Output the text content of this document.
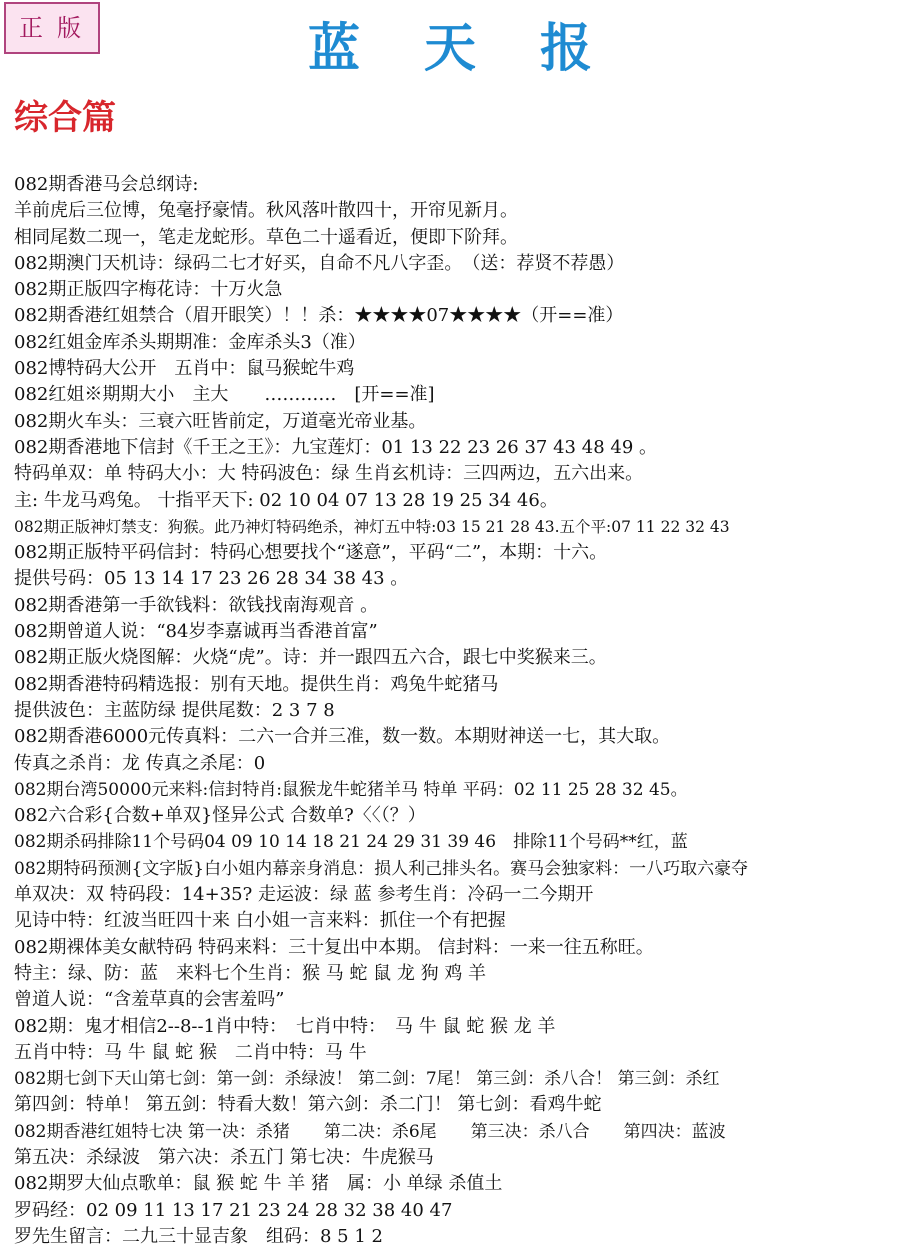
正版	蓝天报
综合篇
082期香港马会总纲诗:
羊前虎后三位博，兔毫抒豪情。秋风落叶散四十，开帘见新月。
相同尾数二现一，笔走龙蛇形。草色二十遥看近，便即下阶拜。
082期澳门天机诗：绿码二七才好买，自命不凡八字歪。　（送：荐贤不荐愚）
082期正版四字梅花诗：十万火急
082期香港红姐禁合（眉开眼笑）！！杀：★★★★07★★★★（开==准）
082红姐金库杀头期期准：金库杀头3（准）
082博特码大公开　五肖中：鼠马猴蛇牛鸡
082红姐※期期大小　主大　　…………　[开==准]
082期火车头：三衰六旺皆前定，万道毫光帝业基。
082期香港地下信封《千王之王》：九宝莲灯：01 13 22 23 26 37 43 48 49 。
特码单双：单 特码大小：大 特码波色：绿 生肖玄机诗：三四两边，五六出来。
主: 牛龙马鸡兔。 十指平天下: 02 10 04 07 13 28 19 25 34 46。
082期正版神灯禁支：狗猴。此乃神灯特码绝杀，神灯五中特:03 15 21 28 43.五个平:07 11 22 32 43
082期正版特平码信封：特码心想要找个“遂意”，平码“二”，本期：十六。
提供号码：05 13 14 17 23 26 28 34 38 43 。
082期香港第一手欲钱料：欲钱找南海观音 。
082期曾道人说：“84岁李嘉诚再当香港首富”
082期正版火烧图解：火烧“虎”。诗：并一跟四五六合，跟七中奖猴来三。
082期香港特码精选报：别有天地。提供生肖：鸡兔牛蛇猪马
提供波色：主蓝防绿 提供尾数：2 3 7 8
082期香港6000元传真料：二六一合并三准，数一数。本期财神送一七，其大取。
传真之杀肖：龙 传真之杀尾：0
082期台湾50000元来料:信封特肖:鼠猴龙牛蛇猪羊马 特单 平码：02 11 25 28 32 45。
082六合彩{合数+单双}怪异公式 合数单?〈〈（？）
082期杀码排除11个号码04 09 10 14 18 21 24 29 31 39 46　排除11个号码**红，蓝
082期特码预测{文字版}白小姐内幕亲身消息：损人利己排头名。赛马会独家料：一八巧取六豪夺
单双决：双 特码段：14+35? 走运波：绿 蓝 参考生肖：冷码一二今期开
见诗中特：红波当旺四十来 白小姐一言来料：抓住一个有把握
082期裸体美女献特码 特码来料：三十复出中本期。 信封料：一来一往五称旺。
特主：绿、防：蓝　来料七个生肖：猴 马 蛇 鼠 龙 狗 鸡 羊
曾道人说：“含羞草真的会害羞吗”
082期：鬼才相信2--8--1肖中特：　七肖中特：　马 牛 鼠 蛇 猴 龙 羊
五肖中特：马 牛 鼠 蛇 猴　二肖中特：马 牛
082期七剑下天山第七剑：第一剑：杀绿波！ 第二剑：7尾！ 第三剑：杀八合！ 第三剑：杀红
第四剑：特单！ 第五剑：特看大数！第六剑：杀二门！ 第七剑：看鸡牛蛇
082期香港红姐特七决 第一决：杀猪　　第二决：杀6尾　　第三决：杀八合　　第四决：蓝波
第五决：杀绿波　第六决：杀五门 第七决：牛虎猴马
082期罗大仙点歌单：鼠 猴 蛇 牛 羊 猪　属：小 单绿 杀值土
罗码经：02 09 11 13 17 21 23 24 28 32 38 40 47
罗先生留言：二九三十显吉象　组码：8 5 1 2
